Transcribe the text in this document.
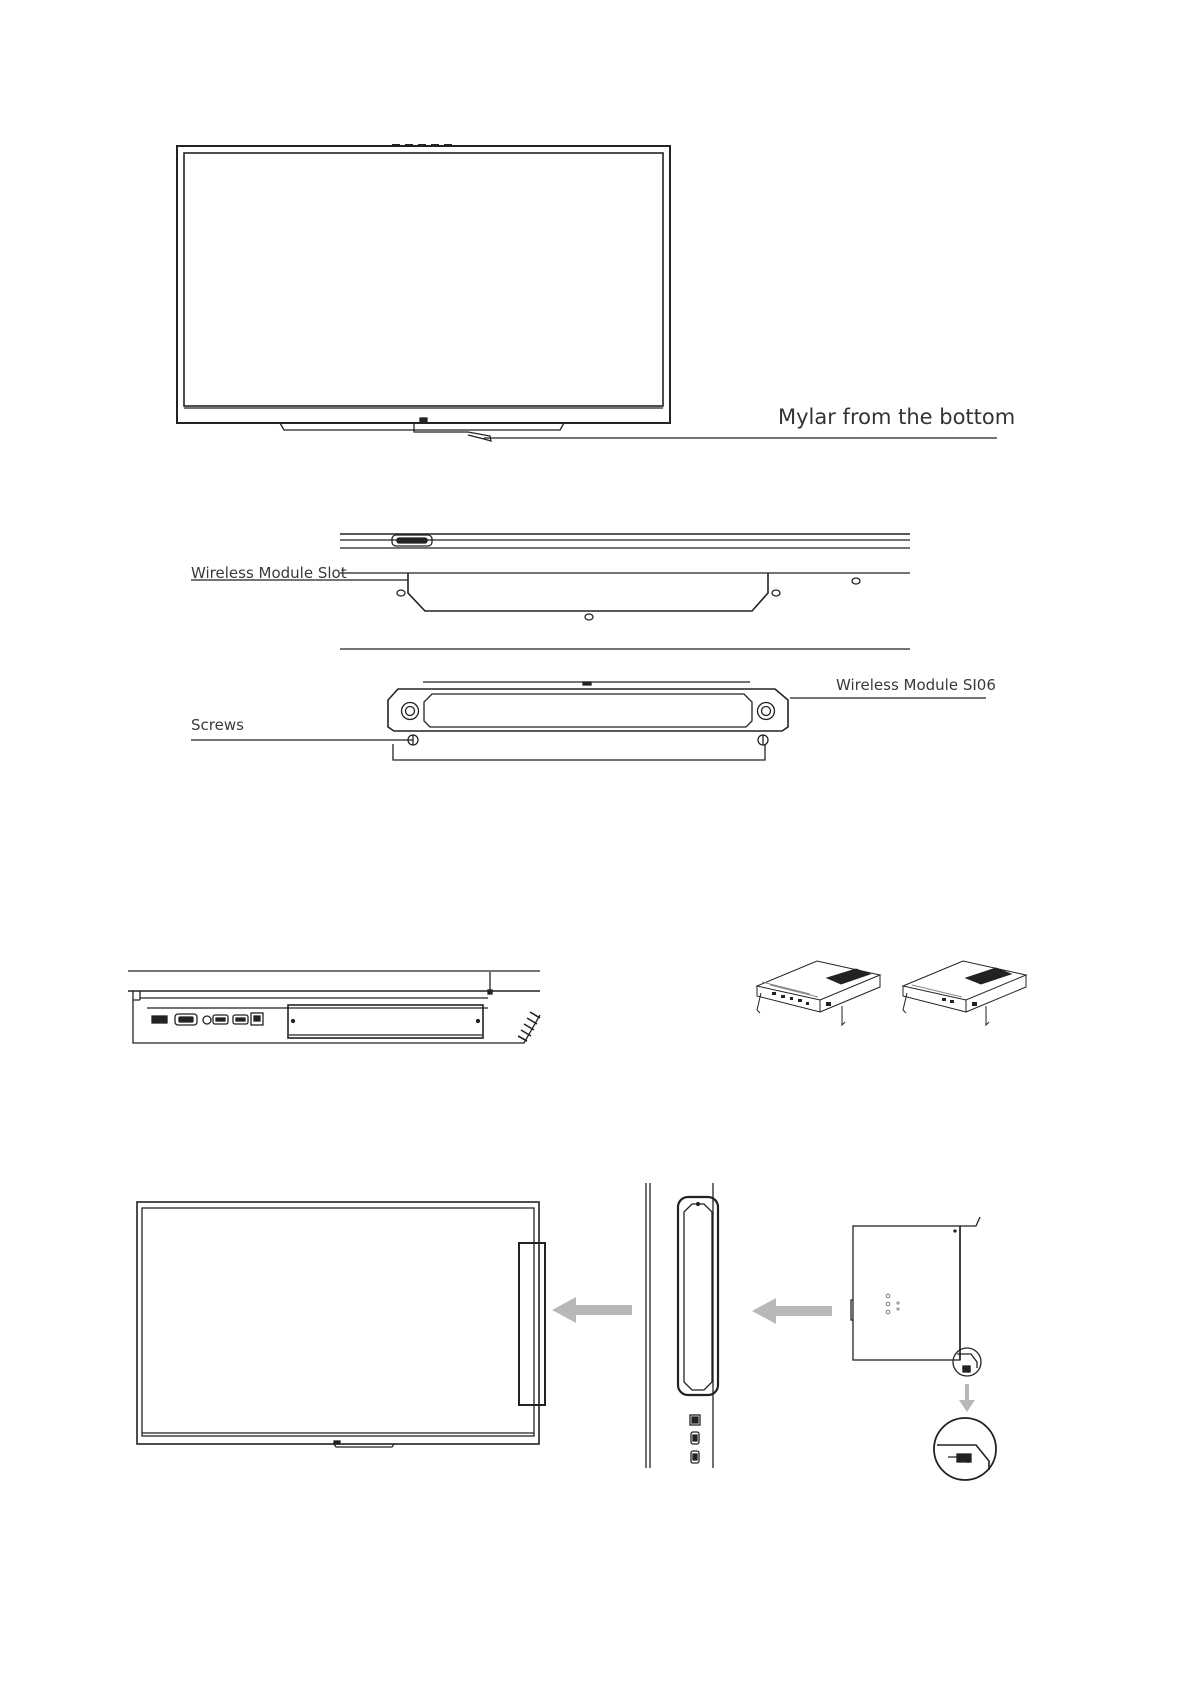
Mylar from the bottom
Wireless Module Slot
Wireless Module SI06
Screws
